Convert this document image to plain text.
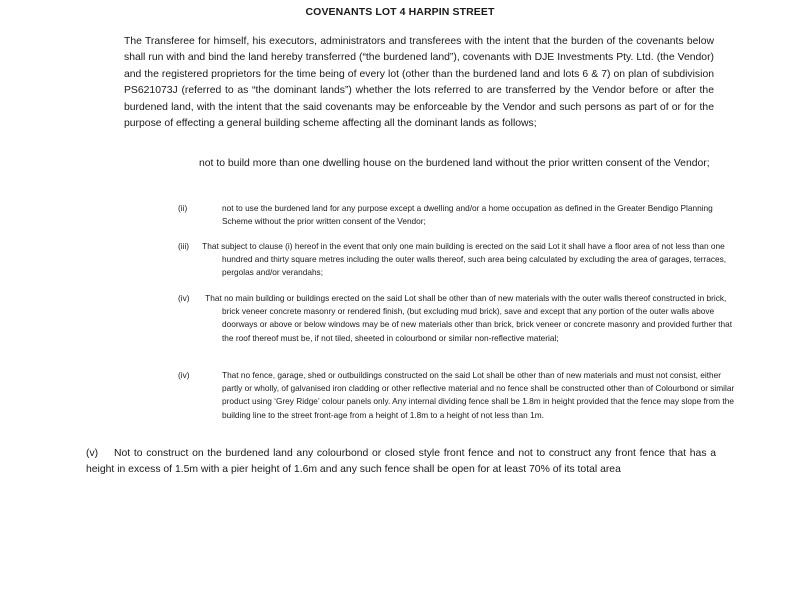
COVENANTS LOT 4 HARPIN STREET

The Transferee for himself, his executors, administrators and transferees with the intent that the burden of the covenants below shall run with and bind the land hereby transferred (“the burdened land”), covenants with DJE Investments Pty. Ltd. (the Vendor) and the registered proprietors for the time being of every lot (other than the burdened land and lots 6 & 7) on plan of subdivision PS621073J (referred to as “the dominant lands”) whether the lots referred to are transferred by the Vendor before or after the burdened land, with the intent that the said covenants may be enforceable by the Vendor and such persons as part of or for the purpose of effecting a general building scheme affecting all the dominant lands as follows;

not to build more than one dwelling house on the burdened land without the prior written consent of the Vendor;

(ii)	not to use the burdened land for any purpose except a dwelling and/or a home occupation as defined in the Greater Bendigo Planning Scheme without the prior written consent of the Vendor;

(iii) That subject to clause (i) hereof in the event that only one main building is erected on the said Lot it shall have a floor area of not less than one hundred and thirty square metres including the outer walls thereof, such area being calculated by excluding the area of garages, terraces, pergolas and/or verandahs;

(iv) That no main building or buildings erected on the said Lot shall be other than of new materials with the outer walls thereof constructed in brick, brick veneer concrete masonry or rendered finish, (but excluding mud brick), save and except that any portion of the outer walls above doorways or above or below windows may be of new materials other than brick, brick veneer or concrete masonry and provided further that the roof thereof must be, if not tiled, sheeted in colourbond or similar non-reflective material;

(iv)	That no fence, garage, shed or outbuildings constructed on the said Lot shall be other than of new materials and must not consist, either partly or wholly, of galvanised iron cladding or other reflective material and no fence shall be constructed other than of Colourbond or similar product using ‘Grey Ridge’ colour panels only. Any internal dividing fence shall be 1.8m in height provided that the fence may slope from the building line to the street front-age from a height of 1.8m to a height of not less than 1m.

(v) Not to construct on the burdened land any colourbond or closed style front fence and not to construct any front fence that has a height in excess of 1.5m with a pier height of 1.6m and any such fence shall be open for at least 70% of its total area
